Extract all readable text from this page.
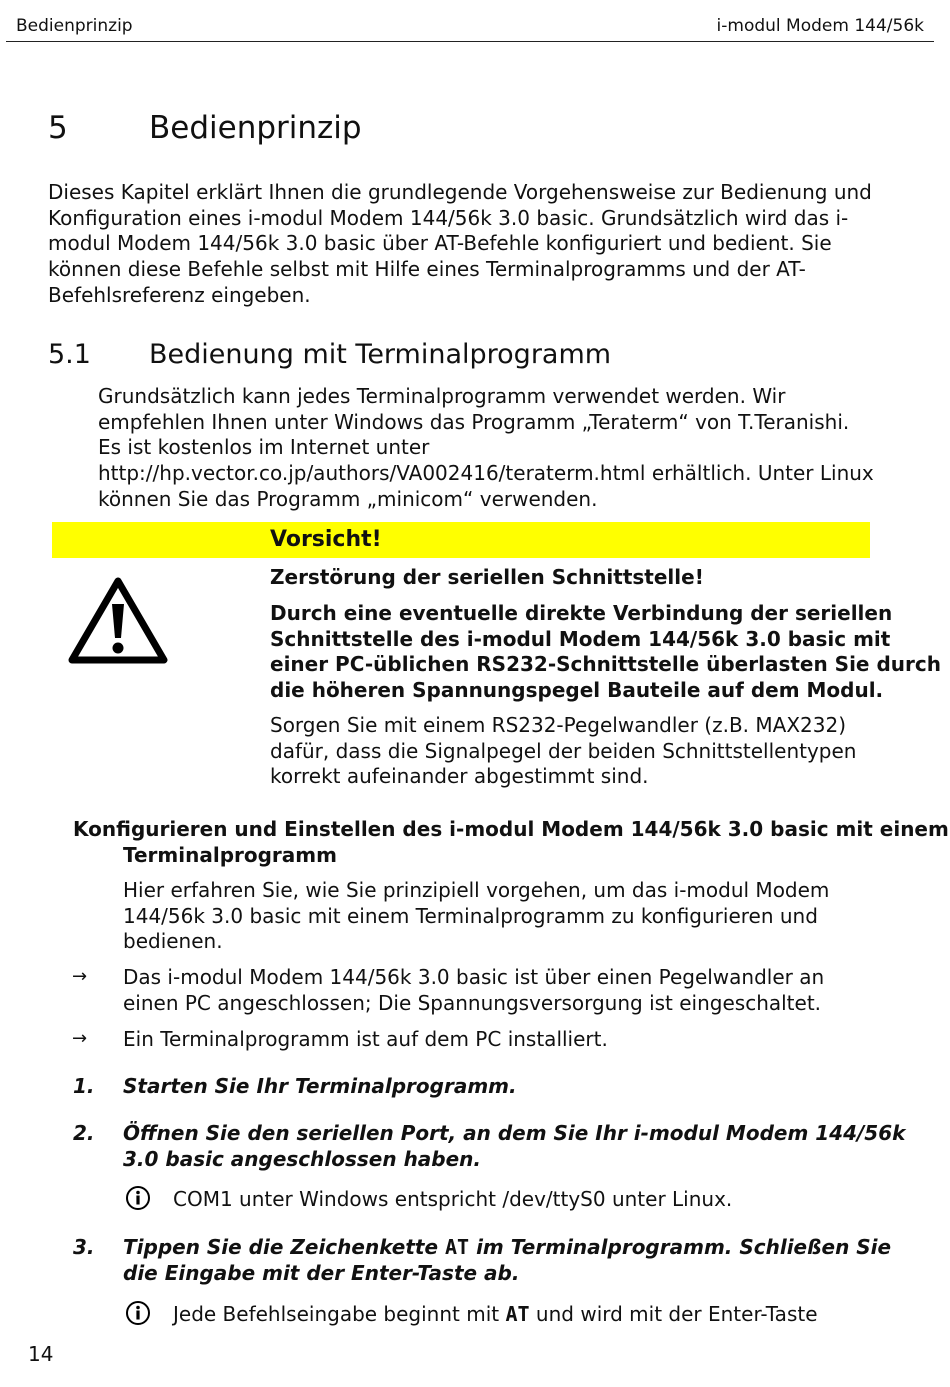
Bedienprinzip	i-modul Modem 144/56k
5	Bedienprinzip
Dieses Kapitel erklärt Ihnen die grundlegende Vorgehensweise zur Bedienung und
Konfiguration eines i-modul Modem 144/56k 3.0 basic. Grundsätzlich wird das i-
modul Modem 144/56k 3.0 basic über AT-Befehle konfiguriert und bedient. Sie
können diese Befehle selbst mit Hilfe eines Terminalprogramms und der AT-
Befehlsreferenz eingeben.
5.1 Bedienung mit Terminalprogramm
Grundsätzlich kann jedes Terminalprogramm verwendet werden. Wir
empfehlen Ihnen unter Windows das Programm „Teraterm“ von T.Teranishi.
Es ist kostenlos im Internet unter
http://hp.vector.co.jp/authors/VA002416/teraterm.html erhältlich. Unter Linux
können Sie das Programm „minicom“ verwenden.
Vorsicht!
Zerstörung der seriellen Schnittstelle!
Durch eine eventuelle direkte Verbindung der seriellen
Schnittstelle des i-modul Modem 144/56k 3.0 basic mit
einer PC-üblichen RS232-Schnittstelle überlasten Sie durch
die höheren Spannungspegel Bauteile auf dem Modul.
Sorgen Sie mit einem RS232-Pegelwandler (z.B. MAX232)
dafür, dass die Signalpegel der beiden Schnittstellentypen
korrekt aufeinander abgestimmt sind.
Konfigurieren und Einstellen des i-modul Modem 144/56k 3.0 basic mit einem
Terminalprogramm
Hier erfahren Sie, wie Sie prinzipiell vorgehen, um das i-modul Modem
144/56k 3.0 basic mit einem Terminalprogramm zu konfigurieren und
bedienen.
→ Das i-modul Modem 144/56k 3.0 basic ist über einen Pegelwandler an
einen PC angeschlossen; Die Spannungsversorgung ist eingeschaltet.
→ Ein Terminalprogramm ist auf dem PC installiert.
1. Starten Sie Ihr Terminalprogramm.
2. Öffnen Sie den seriellen Port, an dem Sie Ihr i-modul Modem 144/56k
3.0 basic angeschlossen haben.
COM1 unter Windows entspricht /dev/ttyS0 unter Linux.
3. Tippen Sie die Zeichenkette AT im Terminalprogramm. Schließen Sie
die Eingabe mit der Enter-Taste ab.
Jede Befehlseingabe beginnt mit AT und wird mit der Enter-Taste
14
